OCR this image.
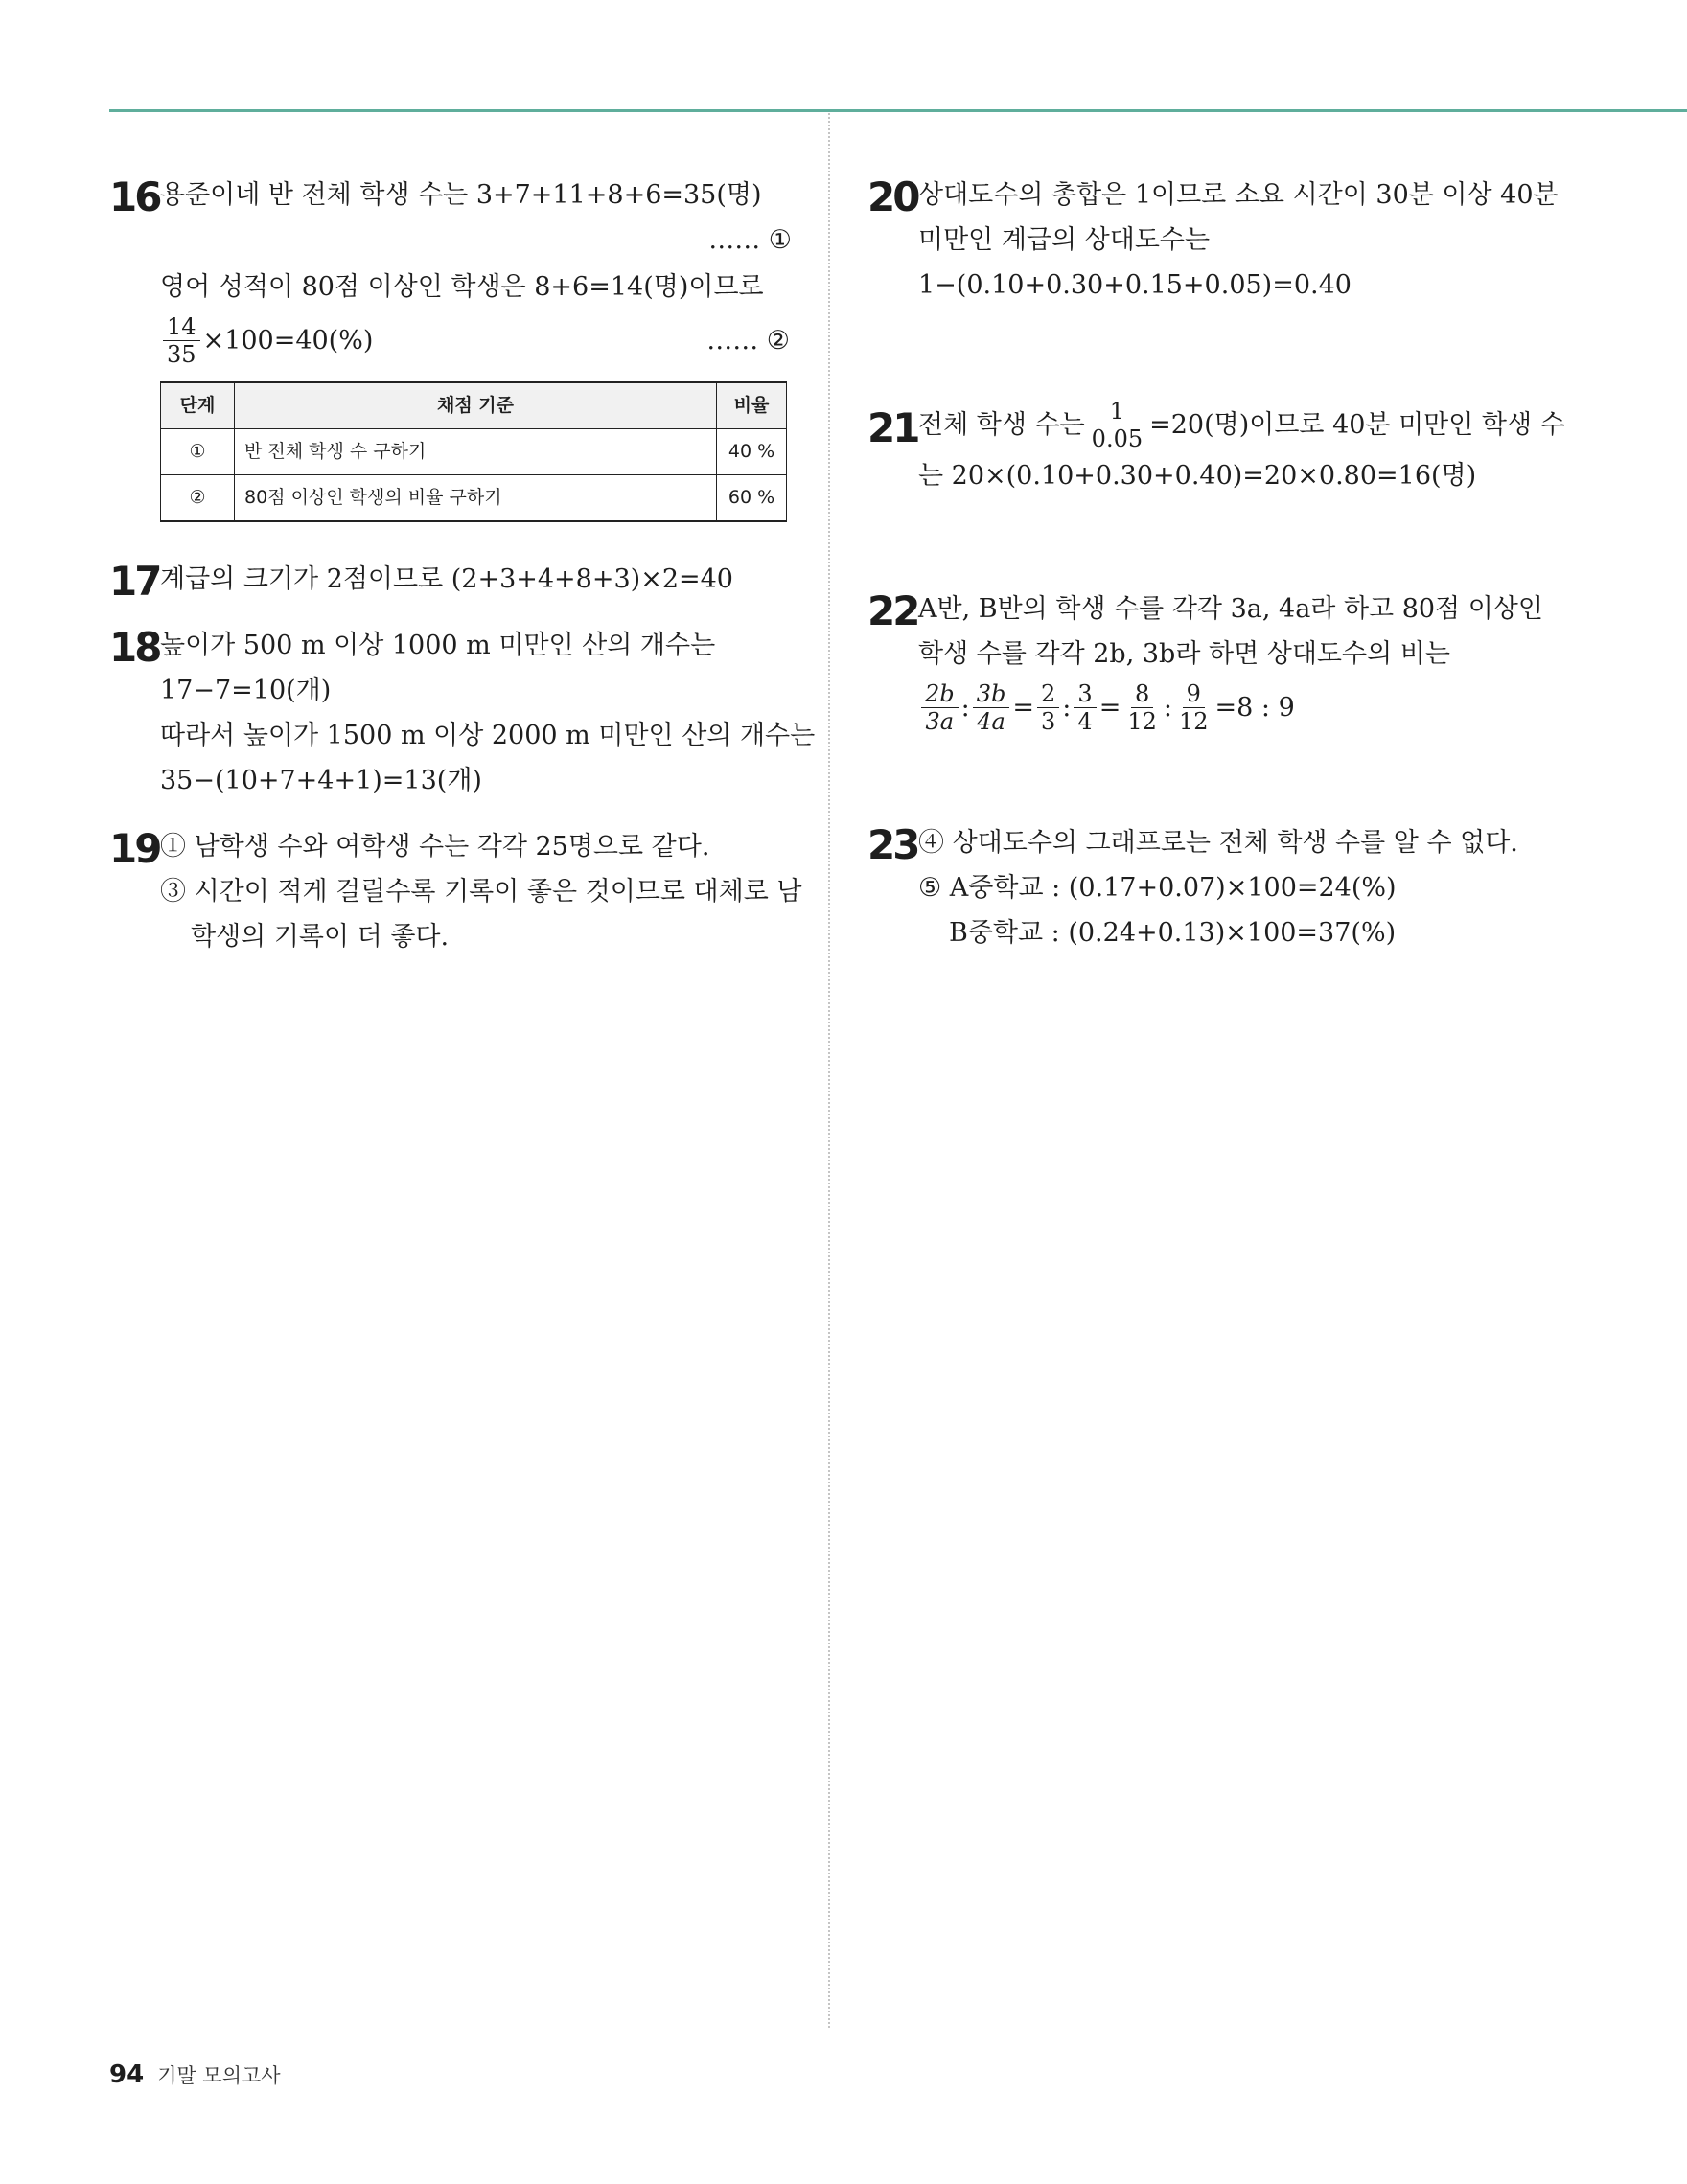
16 용준이네 반 전체 학생 수는 3+7+11+8+6=35(명)
…… ①
영어 성적이 80점 이상인 학생은 8+6=14(명)이므로
$\frac{14}{35} \times 100=40(\%)$	…… ②
단계	채점 기준	비율
①	반 전체 학생 수 구하기	40 %
②	80점 이상인 학생의 비율 구하기	60 %
17 계급의 크기가 2점이므로 (2+3+4+8+3)×2=40
18 높이가 500 m 이상 1000 m 미만인 산의 개수는
17−7=10(개)
따라서 높이가 1500 m 이상 2000 m 미만인 산의 개수는
35−(10+7+4+1)=13(개)
19 ① 남학생 수와 여학생 수는 각각 25명으로 같다.
③ 시간이 적게 걸릴수록 기록이 좋은 것이므로 대체로 남
학생의 기록이 더 좋다.
20 상대도수의 총합은 1이므로 소요 시간이 30분 이상 40분
미만인 계급의 상대도수는
1−(0.10+0.30+0.15+0.05)=0.40
21 전체 학생 수는 $\frac{1}{0.05} =20$(명)이므로 40분 미만인 학생 수
는 20×(0.10+0.30+0.40)=20×0.80=16(명)
22 A반, B반의 학생 수를 각각 3a, 4a라 하고 80점 이상인
학생 수를 각각 2b, 3b라 하면 상대도수의 비는
$\frac{2b}{3a}$ : $\frac{3b}{4a} = \frac{2}{3}$ : $\frac{3}{4} = \frac{8}{12}$ : $\frac{9}{12} =8$ : 9
23 ④ 상대도수의 그래프로는 전체 학생 수를 알 수 없다.
⑤ A중학교 : (0.17+0.07)×100=24(%)
B중학교 : (0.24+0.13)×100=37(%)
94 기말 모의고사
